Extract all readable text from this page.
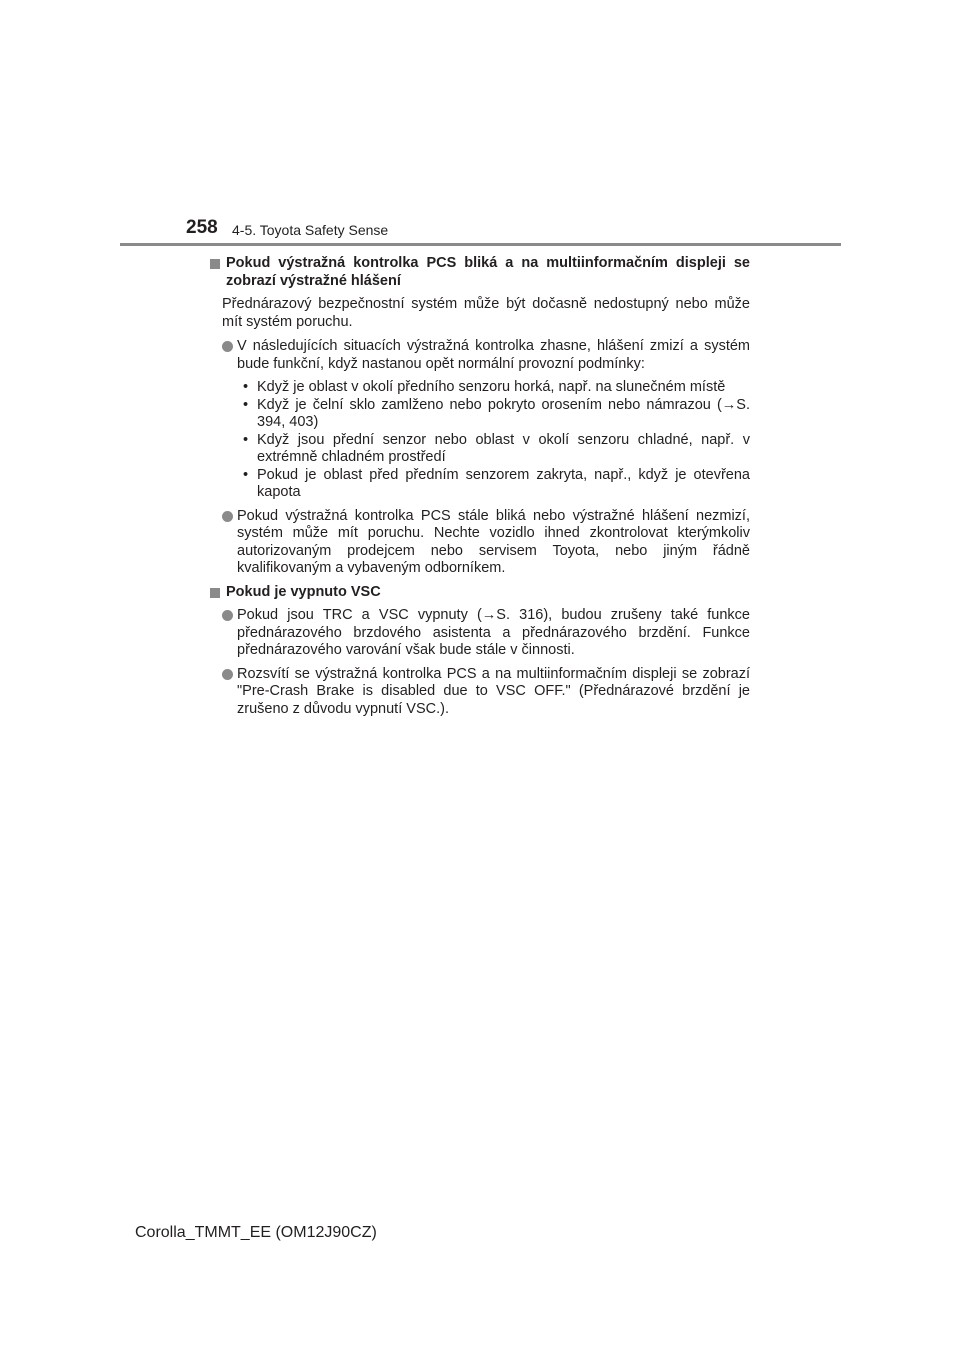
258 4-5. Toyota Safety Sense
Pokud výstražná kontrolka PCS bliká a na multiinformačním displeji se zobrazí výstražné hlášení
Přednárazový bezpečnostní systém může být dočasně nedostupný nebo může mít systém poruchu.
V následujících situacích výstražná kontrolka zhasne, hlášení zmizí a systém bude funkční, když nastanou opět normální provozní podmínky:
• Když je oblast v okolí předního senzoru horká, např. na slunečném místě
• Když je čelní sklo zamlženo nebo pokryto orosením nebo námrazou (→S. 394, 403)
• Když jsou přední senzor nebo oblast v okolí senzoru chladné, např. v extrémně chladném prostředí
• Pokud je oblast před předním senzorem zakryta, např., když je otevřena kapota
Pokud výstražná kontrolka PCS stále bliká nebo výstražné hlášení nezmizí, systém může mít poruchu. Nechte vozidlo ihned zkontrolovat kterýmkoliv autorizovaným prodejcem nebo servisem Toyota, nebo jiným řádně kvalifikovaným a vybaveným odborníkem.
Pokud je vypnuto VSC
Pokud jsou TRC a VSC vypnuty (→S. 316), budou zrušeny také funkce přednárazového brzdového asistenta a přednárazového brzdění. Funkce přednárazového varování však bude stále v činnosti.
Rozsvítí se výstražná kontrolka PCS a na multiinformačním displeji se zobrazí "Pre-Crash Brake is disabled due to VSC OFF." (Přednárazové brzdění je zrušeno z důvodu vypnutí VSC.).
Corolla_TMMT_EE (OM12J90CZ)
